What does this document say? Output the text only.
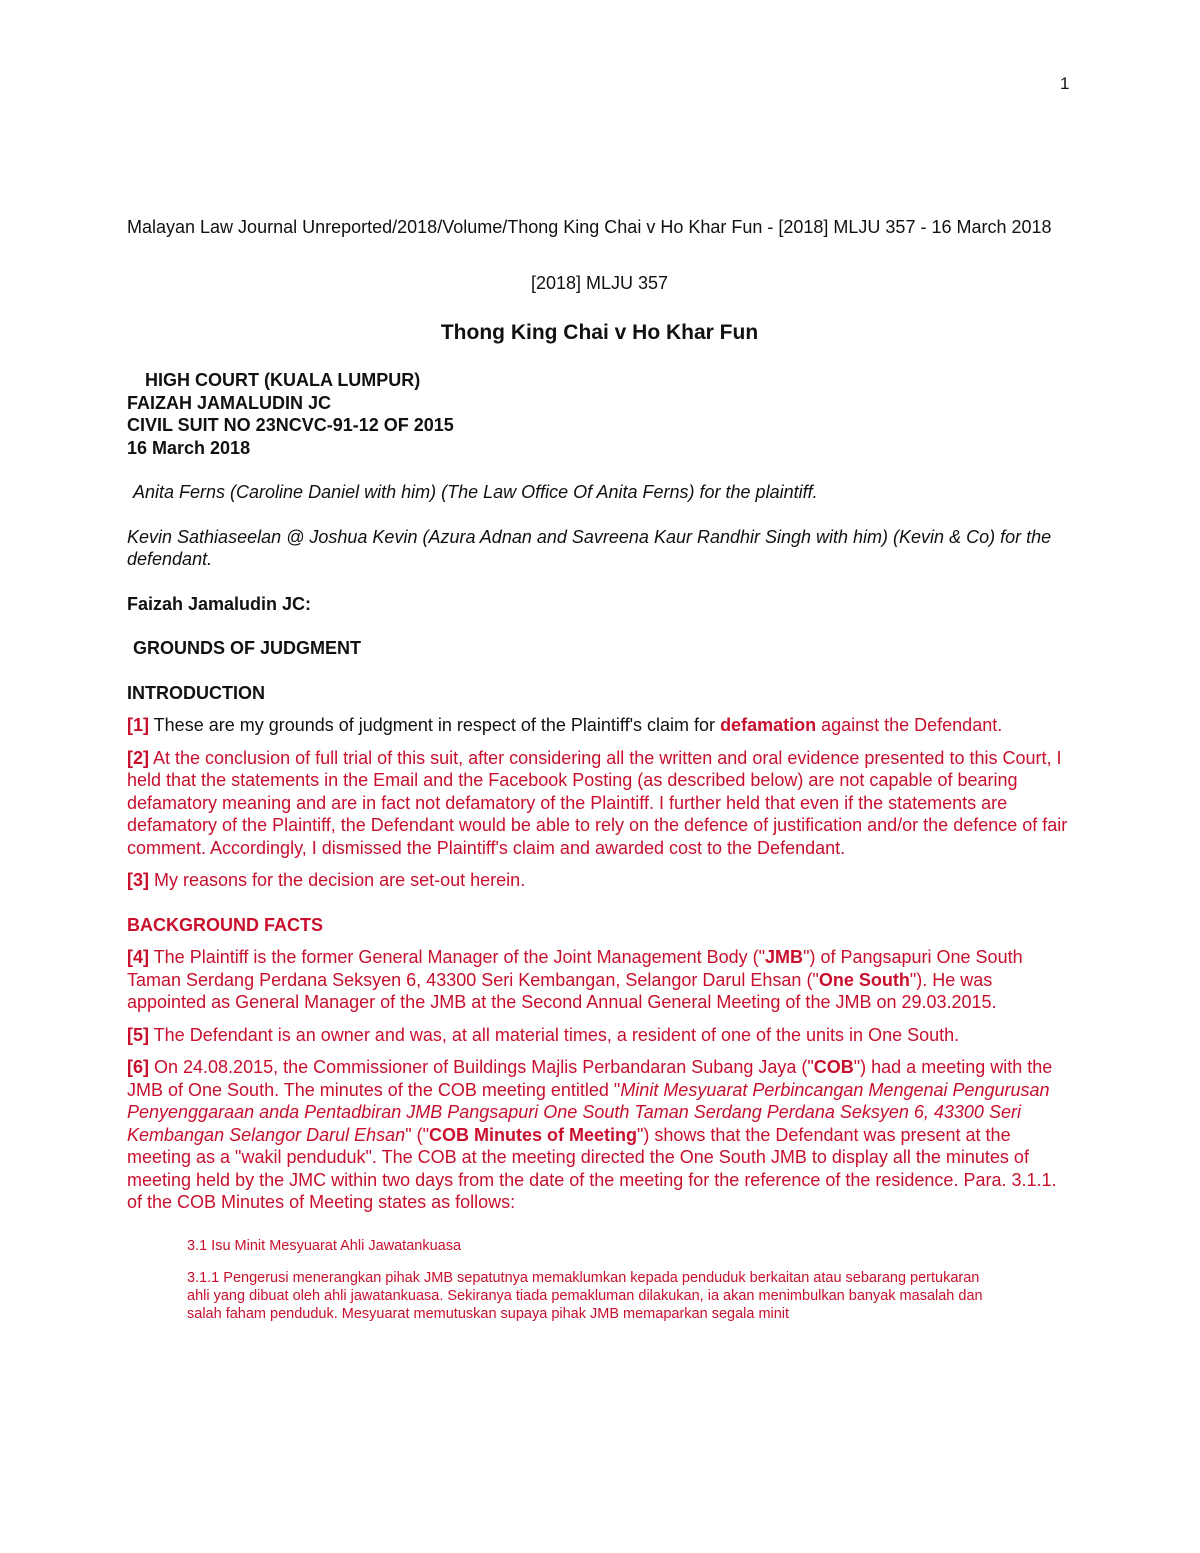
1

Malayan Law Journal Unreported/2018/Volume/Thong King Chai v Ho Khar Fun - [2018] MLJU 357 - 16 March 2018

[2018] MLJU 357
Thong King Chai v Ho Khar Fun
HIGH COURT (KUALA LUMPUR)
FAIZAH JAMALUDIN JC
CIVIL SUIT NO 23NCVC-91-12 OF 2015
16 March 2018
Anita Ferns (Caroline Daniel with him) (The Law Office Of Anita Ferns) for the plaintiff.
Kevin Sathiaseelan @ Joshua Kevin (Azura Adnan and Savreena Kaur Randhir Singh with him) (Kevin & Co) for the defendant.
Faizah Jamaludin JC:
GROUNDS OF JUDGMENT
INTRODUCTION
[1] These are my grounds of judgment in respect of the Plaintiff's claim for defamation against the Defendant.
[2] At the conclusion of full trial of this suit, after considering all the written and oral evidence presented to this Court, I held that the statements in the Email and the Facebook Posting (as described below) are not capable of bearing defamatory meaning and are in fact not defamatory of the Plaintiff. I further held that even if the statements are defamatory of the Plaintiff, the Defendant would be able to rely on the defence of justification and/or the defence of fair comment. Accordingly, I dismissed the Plaintiff's claim and awarded cost to the Defendant.
[3] My reasons for the decision are set-out herein.
BACKGROUND FACTS
[4] The Plaintiff is the former General Manager of the Joint Management Body ("JMB") of Pangsapuri One South Taman Serdang Perdana Seksyen 6, 43300 Seri Kembangan, Selangor Darul Ehsan ("One South"). He was appointed as General Manager of the JMB at the Second Annual General Meeting of the JMB on 29.03.2015.
[5] The Defendant is an owner and was, at all material times, a resident of one of the units in One South.
[6] On 24.08.2015, the Commissioner of Buildings Majlis Perbandaran Subang Jaya ("COB") had a meeting with the JMB of One South. The minutes of the COB meeting entitled "Minit Mesyuarat Perbincangan Mengenai Pengurusan Penyenggaraan anda Pentadbiran JMB Pangsapuri One South Taman Serdang Perdana Seksyen 6, 43300 Seri Kembangan Selangor Darul Ehsan" ("COB Minutes of Meeting") shows that the Defendant was present at the meeting as a "wakil penduduk". The COB at the meeting directed the One South JMB to display all the minutes of meeting held by the JMC within two days from the date of the meeting for the reference of the residence. Para. 3.1.1. of the COB Minutes of Meeting states as follows:

3.1 Isu Minit Mesyuarat Ahli Jawatankuasa

3.1.1 Pengerusi menerangkan pihak JMB sepatutnya memaklumkan kepada penduduk berkaitan atau sebarang pertukaran ahli yang dibuat oleh ahli jawatankuasa. Sekiranya tiada pemakluman dilakukan, ia akan menimbulkan banyak masalah dan salah faham penduduk. Mesyuarat memutuskan supaya pihak JMB memaparkan segala minit
